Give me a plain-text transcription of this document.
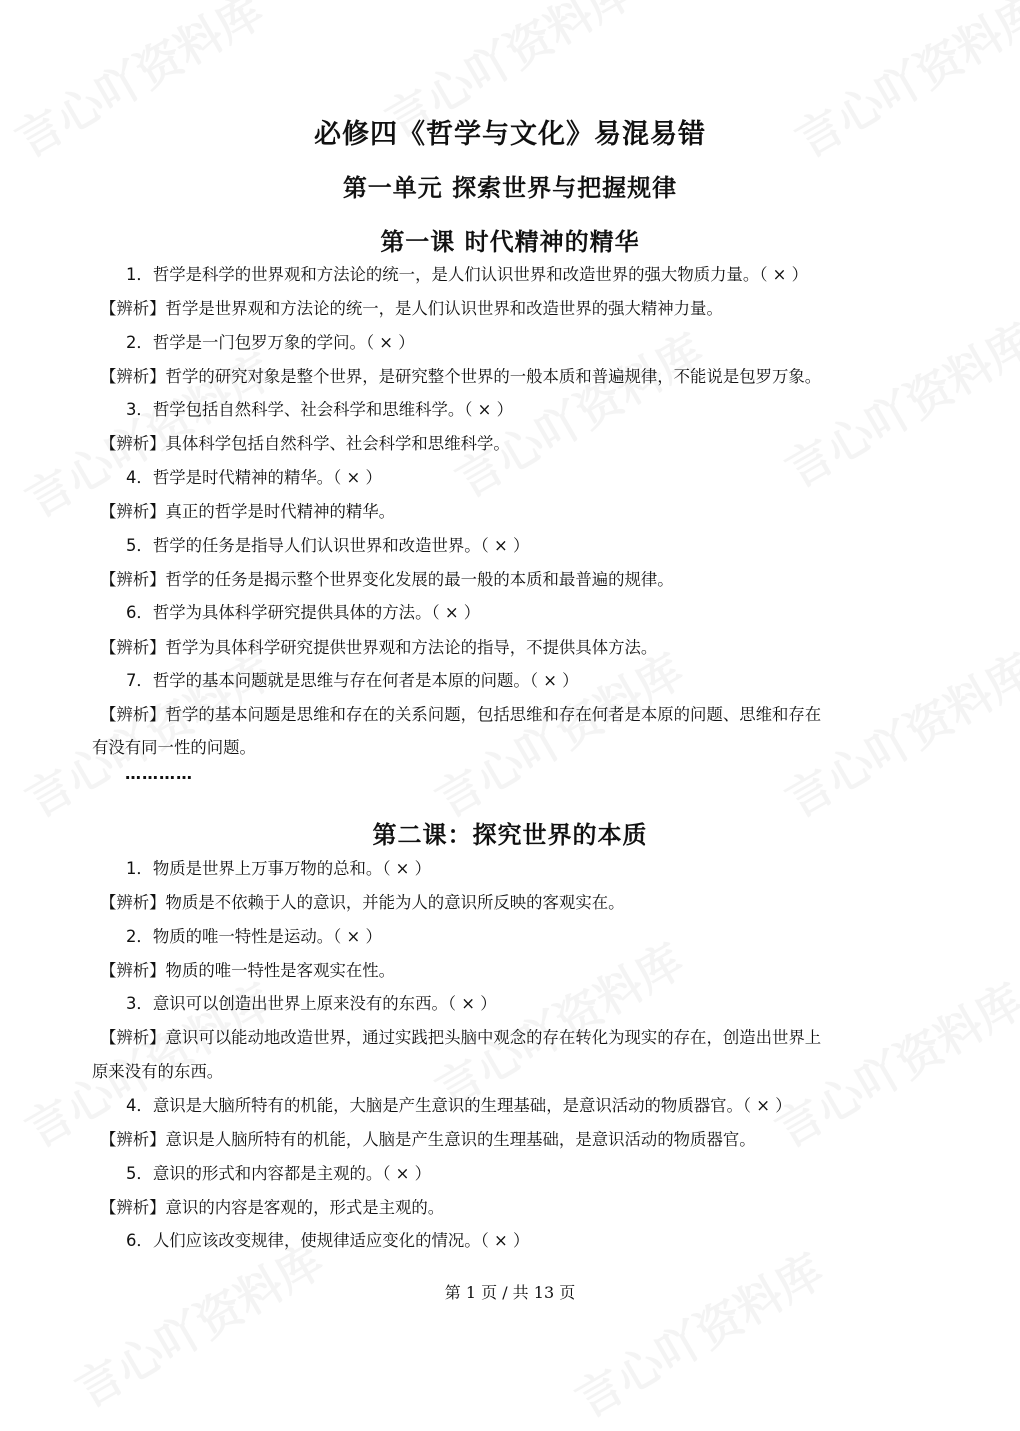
必修四《哲学与文化》易混易错
第一单元 探索世界与把握规律
第一课 时代精神的精华
1．哲学是科学的世界观和方法论的统一，是人们认识世界和改造世界的强大物质力量。（ × ）
【辨析】哲学是世界观和方法论的统一，是人们认识世界和改造世界的强大精神力量。
2．哲学是一门包罗万象的学问。（ × ）
【辨析】哲学的研究对象是整个世界，是研究整个世界的一般本质和普遍规律，不能说是包罗万象。
3．哲学包括自然科学、社会科学和思维科学。（ × ）
【辨析】具体科学包括自然科学、社会科学和思维科学。
4．哲学是时代精神的精华。（ × ）
【辨析】真正的哲学是时代精神的精华。
5．哲学的任务是指导人们认识世界和改造世界。（ × ）
【辨析】哲学的任务是揭示整个世界变化发展的最一般的本质和最普遍的规律。
6．哲学为具体科学研究提供具体的方法。（ × ）
【辨析】哲学为具体科学研究提供世界观和方法论的指导，不提供具体方法。
7．哲学的基本问题就是思维与存在何者是本原的问题。（ × ）
【辨析】哲学的基本问题是思维和存在的关系问题，包括思维和存在何者是本原的问题、思维和存在
有没有同一性的问题。
…………
第二课：探究世界的本质
1．物质是世界上万事万物的总和。（ × ）
【辨析】物质是不依赖于人的意识，并能为人的意识所反映的客观实在。
2．物质的唯一特性是运动。（ × ）
【辨析】物质的唯一特性是客观实在性。
3．意识可以创造出世界上原来没有的东西。（ × ）
【辨析】意识可以能动地改造世界，通过实践把头脑中观念的存在转化为现实的存在，创造出世界上
原来没有的东西。
4．意识是大脑所特有的机能，大脑是产生意识的生理基础，是意识活动的物质器官。（ × ）
【辨析】意识是人脑所特有的机能，人脑是产生意识的生理基础，是意识活动的物质器官。
5．意识的形式和内容都是主观的。（ × ）
【辨析】意识的内容是客观的，形式是主观的。
6．人们应该改变规律，使规律适应变化的情况。（ × ）
第 1 页 / 共 13 页
